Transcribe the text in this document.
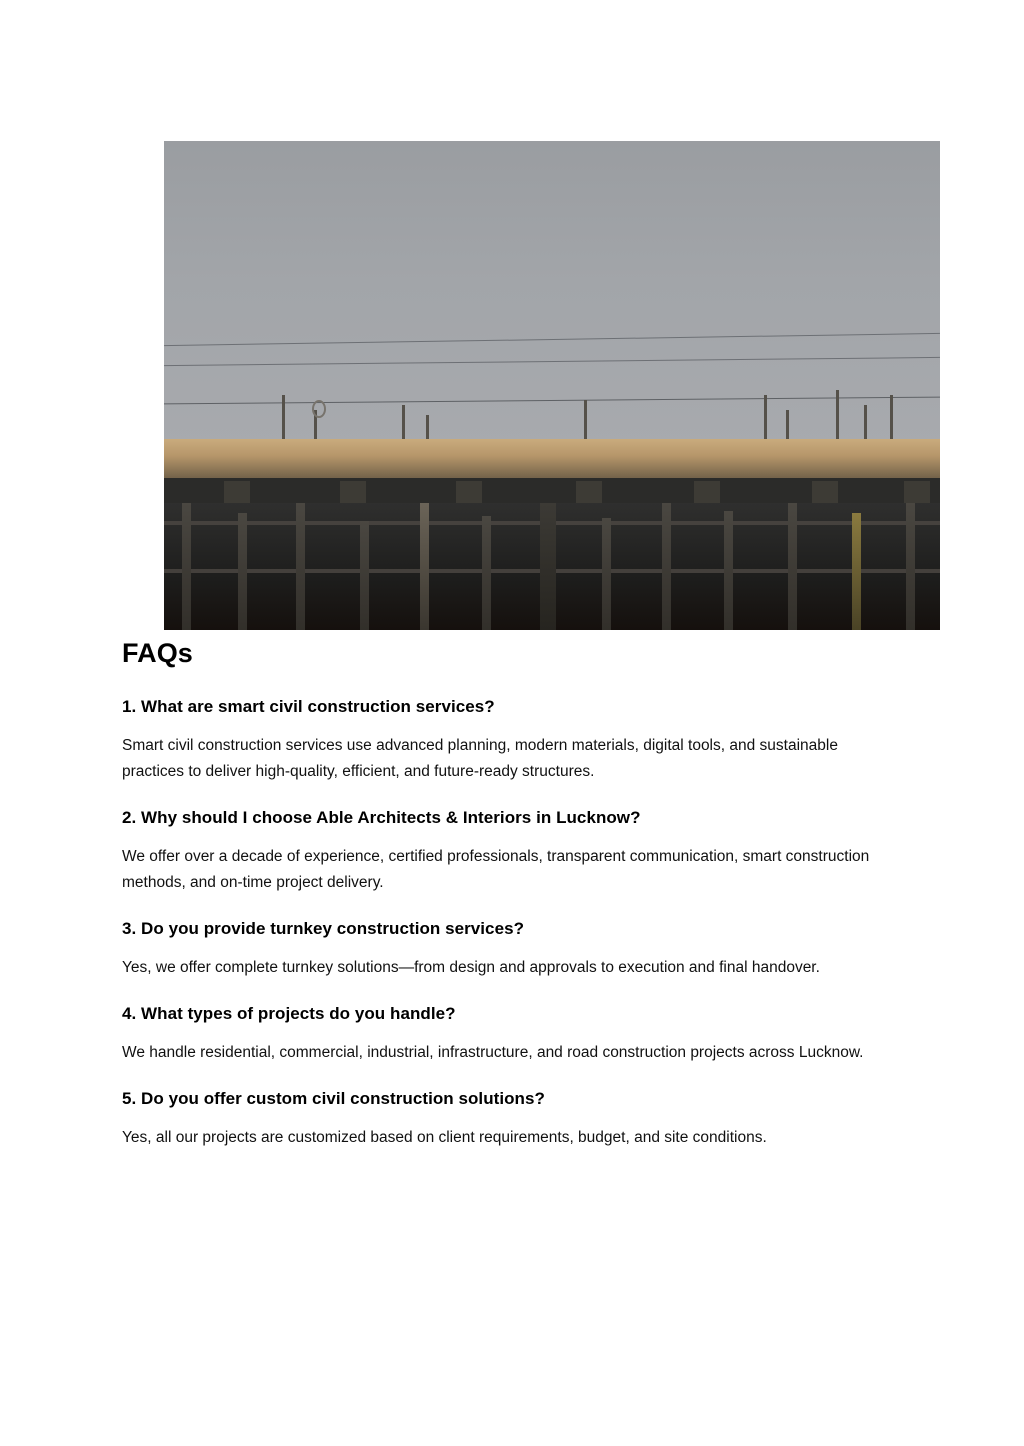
FAQs
1. What are smart civil construction services?

Smart civil construction services use advanced planning, modern materials, digital tools, and sustainable practices to deliver high-quality, efficient, and future-ready structures.

2. Why should I choose Able Architects & Interiors in Lucknow?

We offer over a decade of experience, certified professionals, transparent communication, smart construction methods, and on-time project delivery.

3. Do you provide turnkey construction services?

Yes, we offer complete turnkey solutions—from design and approvals to execution and final handover.

4. What types of projects do you handle?

We handle residential, commercial, industrial, infrastructure, and road construction projects across Lucknow.

5. Do you offer custom civil construction solutions?

Yes, all our projects are customized based on client requirements, budget, and site conditions.
